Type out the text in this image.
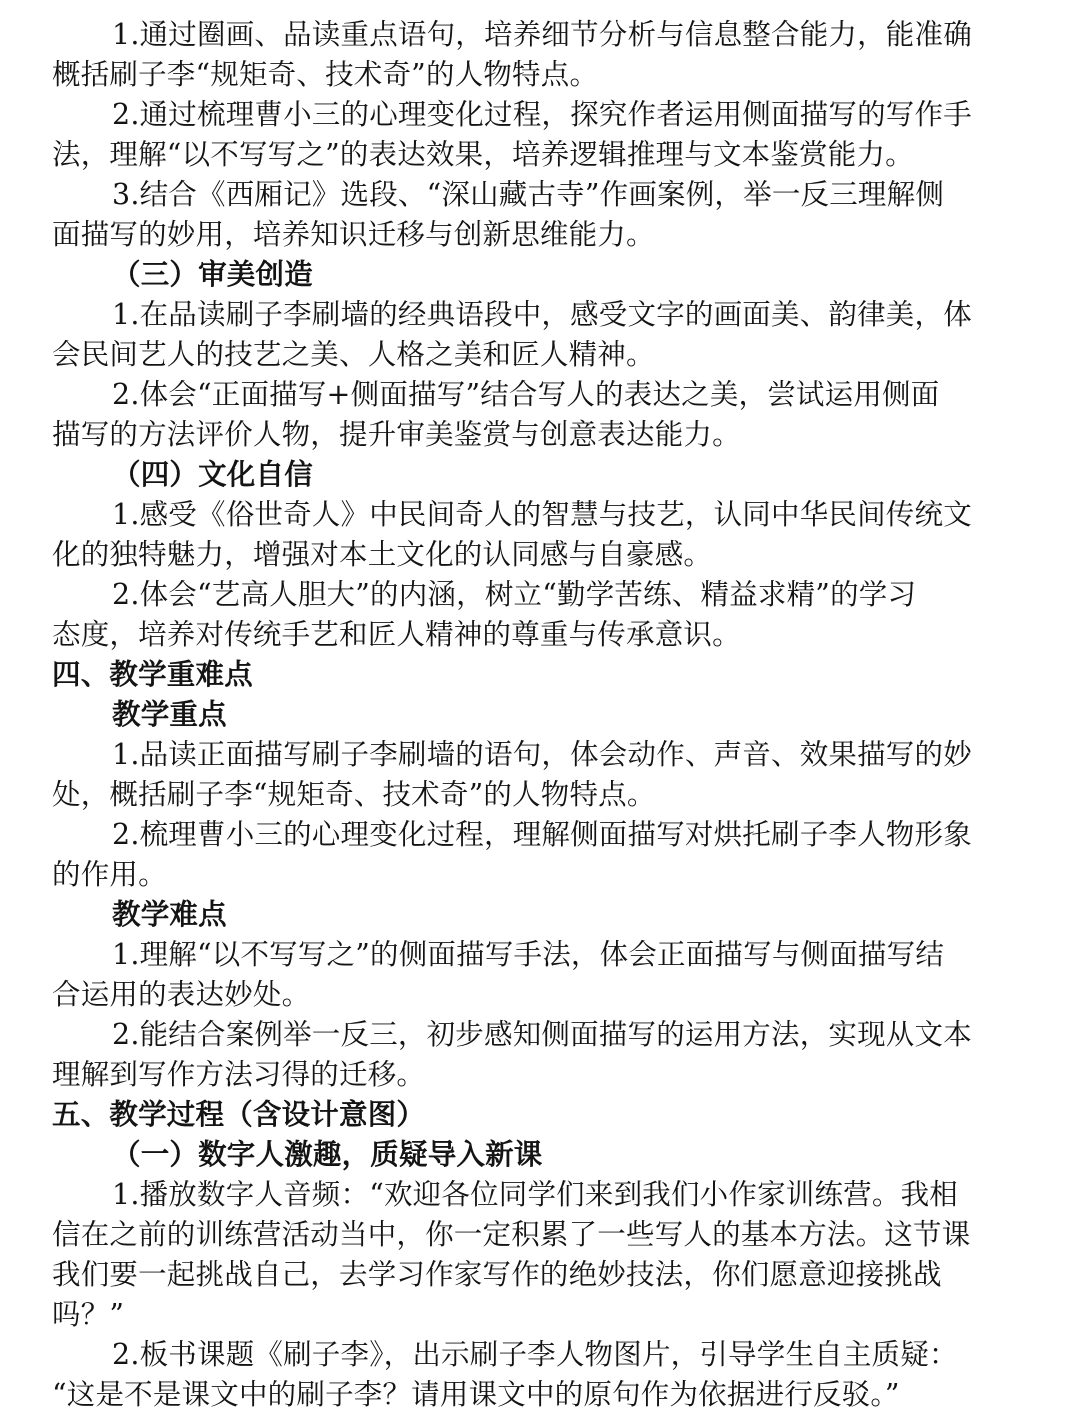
1.通过圈画、品读重点语句，培养细节分析与信息整合能力，能准确
概括刷子李“规矩奇、技术奇”的人物特点。
2.通过梳理曹小三的心理变化过程，探究作者运用侧面描写的写作手
法，理解“以不写写之”的表达效果，培养逻辑推理与文本鉴赏能力。
3.结合《西厢记》选段、“深山藏古寺”作画案例，举一反三理解侧
面描写的妙用，培养知识迁移与创新思维能力。
（三）审美创造
1.在品读刷子李刷墙的经典语段中，感受文字的画面美、韵律美，体
会民间艺人的技艺之美、人格之美和匠人精神。
2.体会“正面描写+侧面描写”结合写人的表达之美，尝试运用侧面
描写的方法评价人物，提升审美鉴赏与创意表达能力。
（四）文化自信
1.感受《俗世奇人》中民间奇人的智慧与技艺，认同中华民间传统文
化的独特魅力，增强对本土文化的认同感与自豪感。
2.体会“艺高人胆大”的内涵，树立“勤学苦练、精益求精”的学习
态度，培养对传统手艺和匠人精神的尊重与传承意识。
四、教学重难点
教学重点
1.品读正面描写刷子李刷墙的语句，体会动作、声音、效果描写的妙
处，概括刷子李“规矩奇、技术奇”的人物特点。
2.梳理曹小三的心理变化过程，理解侧面描写对烘托刷子李人物形象
的作用。
教学难点
1.理解“以不写写之”的侧面描写手法，体会正面描写与侧面描写结
合运用的表达妙处。
2.能结合案例举一反三，初步感知侧面描写的运用方法，实现从文本
理解到写作方法习得的迁移。
五、教学过程（含设计意图）
（一）数字人激趣，质疑导入新课
1.播放数字人音频：“欢迎各位同学们来到我们小作家训练营。我相
信在之前的训练营活动当中，你一定积累了一些写人的基本方法。这节课
我们要一起挑战自己，去学习作家写作的绝妙技法，你们愿意迎接挑战
吗？”
2.板书课题《刷子李》，出示刷子李人物图片，引导学生自主质疑：
“这是不是课文中的刷子李？请用课文中的原句作为依据进行反驳。”
